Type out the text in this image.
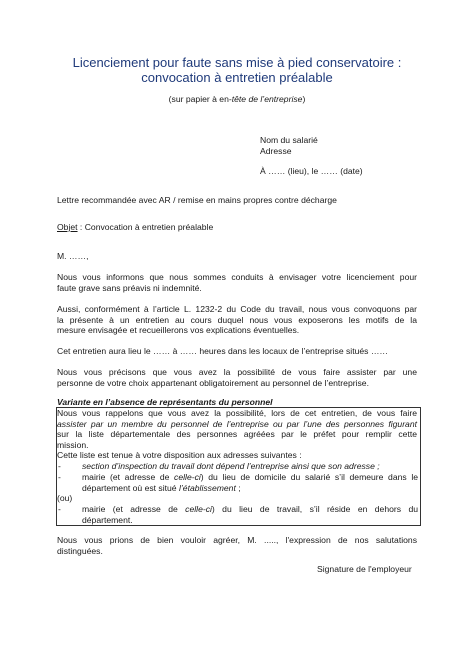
Licenciement pour faute sans mise à pied conservatoire :
convocation à entretien préalable
(sur papier à en-tête de l’entreprise)
Nom du salarié
Adresse
À …… (lieu), le …… (date)
Lettre recommandée avec AR / remise en mains propres contre décharge
Objet : Convocation à entretien préalable
M. ……,
Nous vous informons que nous sommes conduits à envisager votre licenciement pour
faute grave sans préavis ni indemnité.
Aussi, conformément à l’article L. 1232-2 du Code du travail, nous vous convoquons par
la présente à un entretien au cours duquel nous vous exposerons les motifs de la
mesure envisagée et recueillerons vos explications éventuelles.
Cet entretien aura lieu le …… à …… heures dans les locaux de l’entreprise situés ……
Nous vous précisons que vous avez la possibilité de vous faire assister par une
personne de votre choix appartenant obligatoirement au personnel de l’entreprise.
Variante en l’absence de représentants du personnel
Nous vous rappelons que vous avez la possibilité, lors de cet entretien, de vous faire
assister par un membre du personnel de l’entreprise ou par l’une des personnes figurant
sur la liste départementale des personnes agréées par le préfet pour remplir cette
mission.
Cette liste est tenue à votre disposition aux adresses suivantes :
- section d’inspection du travail dont dépend l’entreprise ainsi que son adresse ;
- mairie (et adresse de celle-ci) du lieu de domicile du salarié s’il demeure dans le
département où est situé l’établissement ;
(ou)
- mairie (et adresse de celle-ci) du lieu de travail, s’il réside en dehors du
département.
Nous vous prions de bien vouloir agréer, M. ....., l'expression de nos salutations
distinguées.
Signature de l'employeur
